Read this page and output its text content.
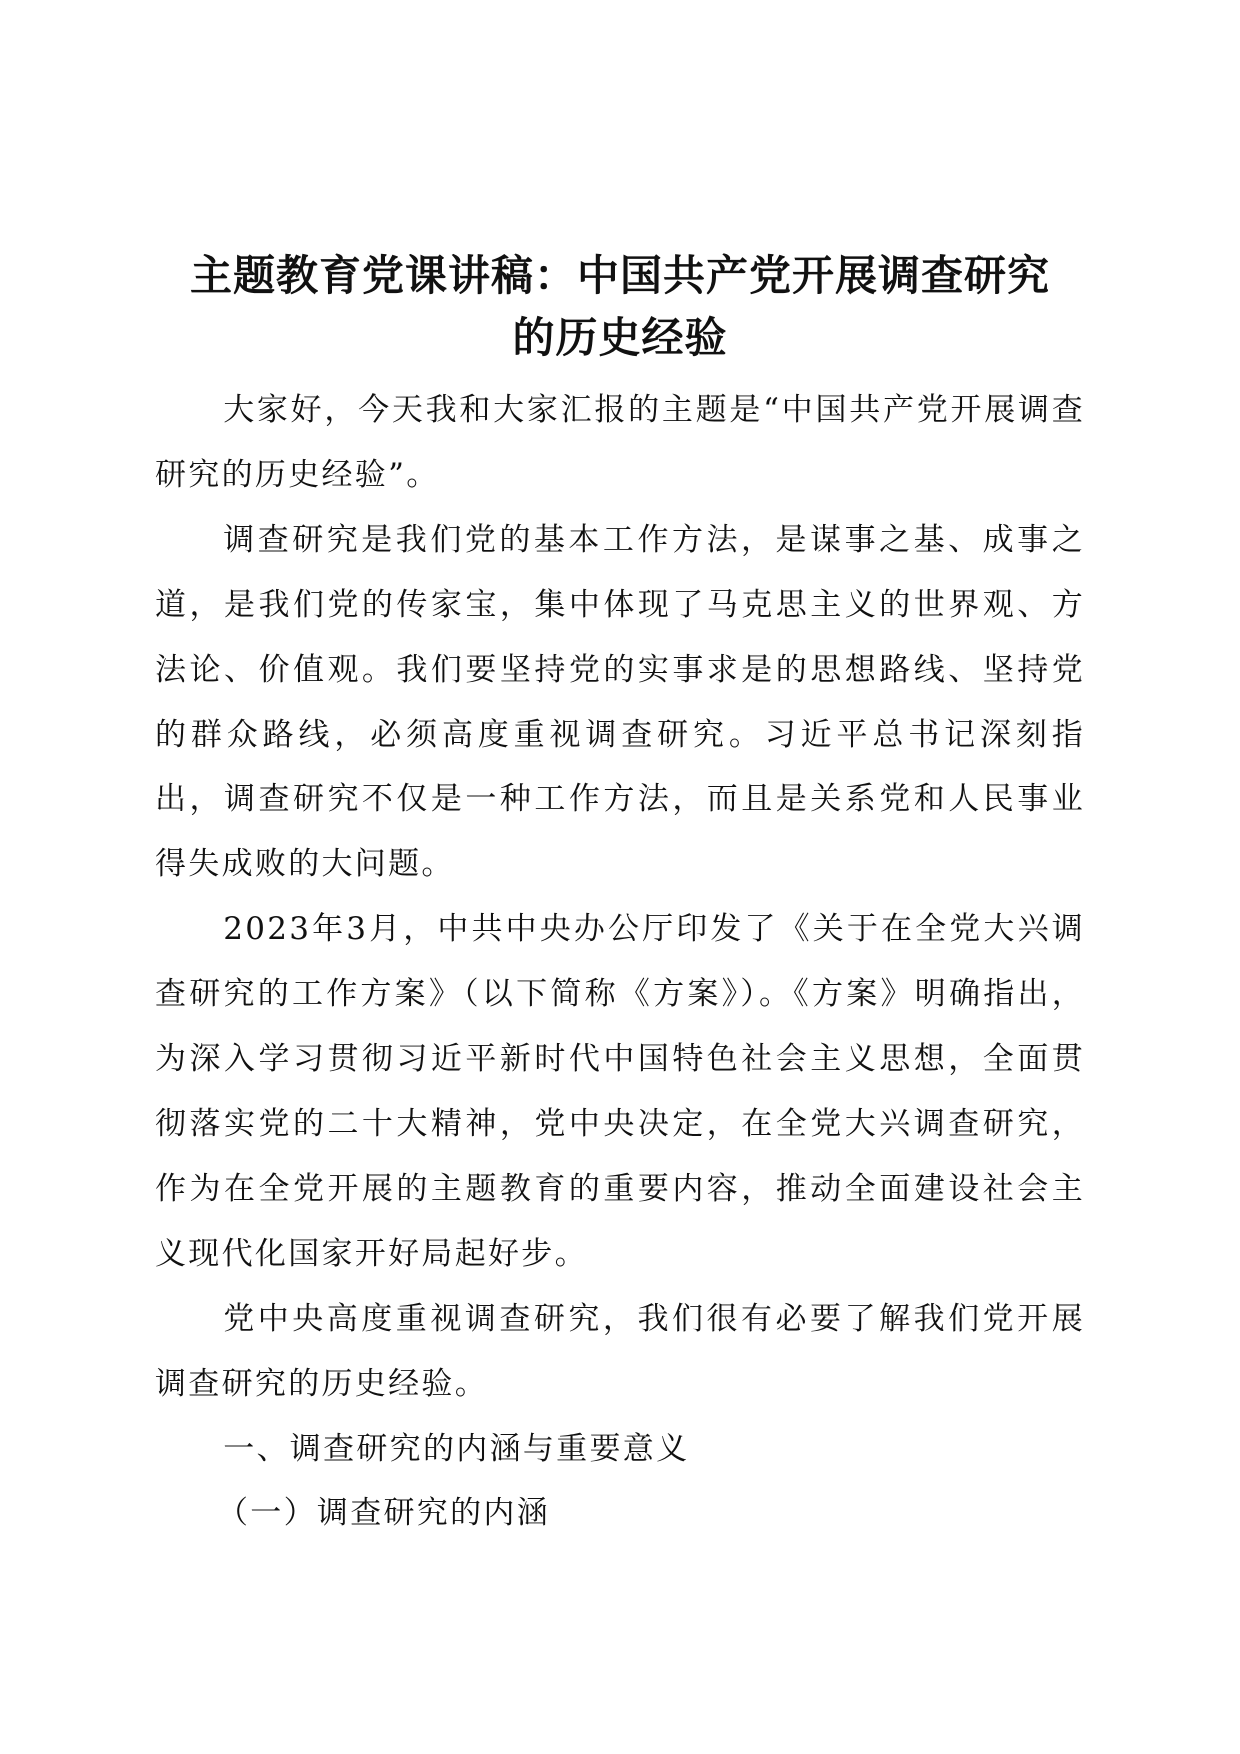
主题教育党课讲稿：中国共产党开展调查研究
的历史经验

大家好，今天我和大家汇报的主题是“中国共产党开展调查研究的历史经验”。

调查研究是我们党的基本工作方法，是谋事之基、成事之道，是我们党的传家宝，集中体现了马克思主义的世界观、方法论、价值观。我们要坚持党的实事求是的思想路线、坚持党的群众路线，必须高度重视调查研究。习近平总书记深刻指出，调查研究不仅是一种工作方法，而且是关系党和人民事业得失成败的大问题。

2023年3月，中共中央办公厅印发了《关于在全党大兴调查研究的工作方案》（以下简称《方案》）。《方案》明确指出，为深入学习贯彻习近平新时代中国特色社会主义思想，全面贯彻落实党的二十大精神，党中央决定，在全党大兴调查研究，作为在全党开展的主题教育的重要内容，推动全面建设社会主义现代化国家开好局起好步。

党中央高度重视调查研究，我们很有必要了解我们党开展调查研究的历史经验。

一、调查研究的内涵与重要意义

（一）调查研究的内涵
